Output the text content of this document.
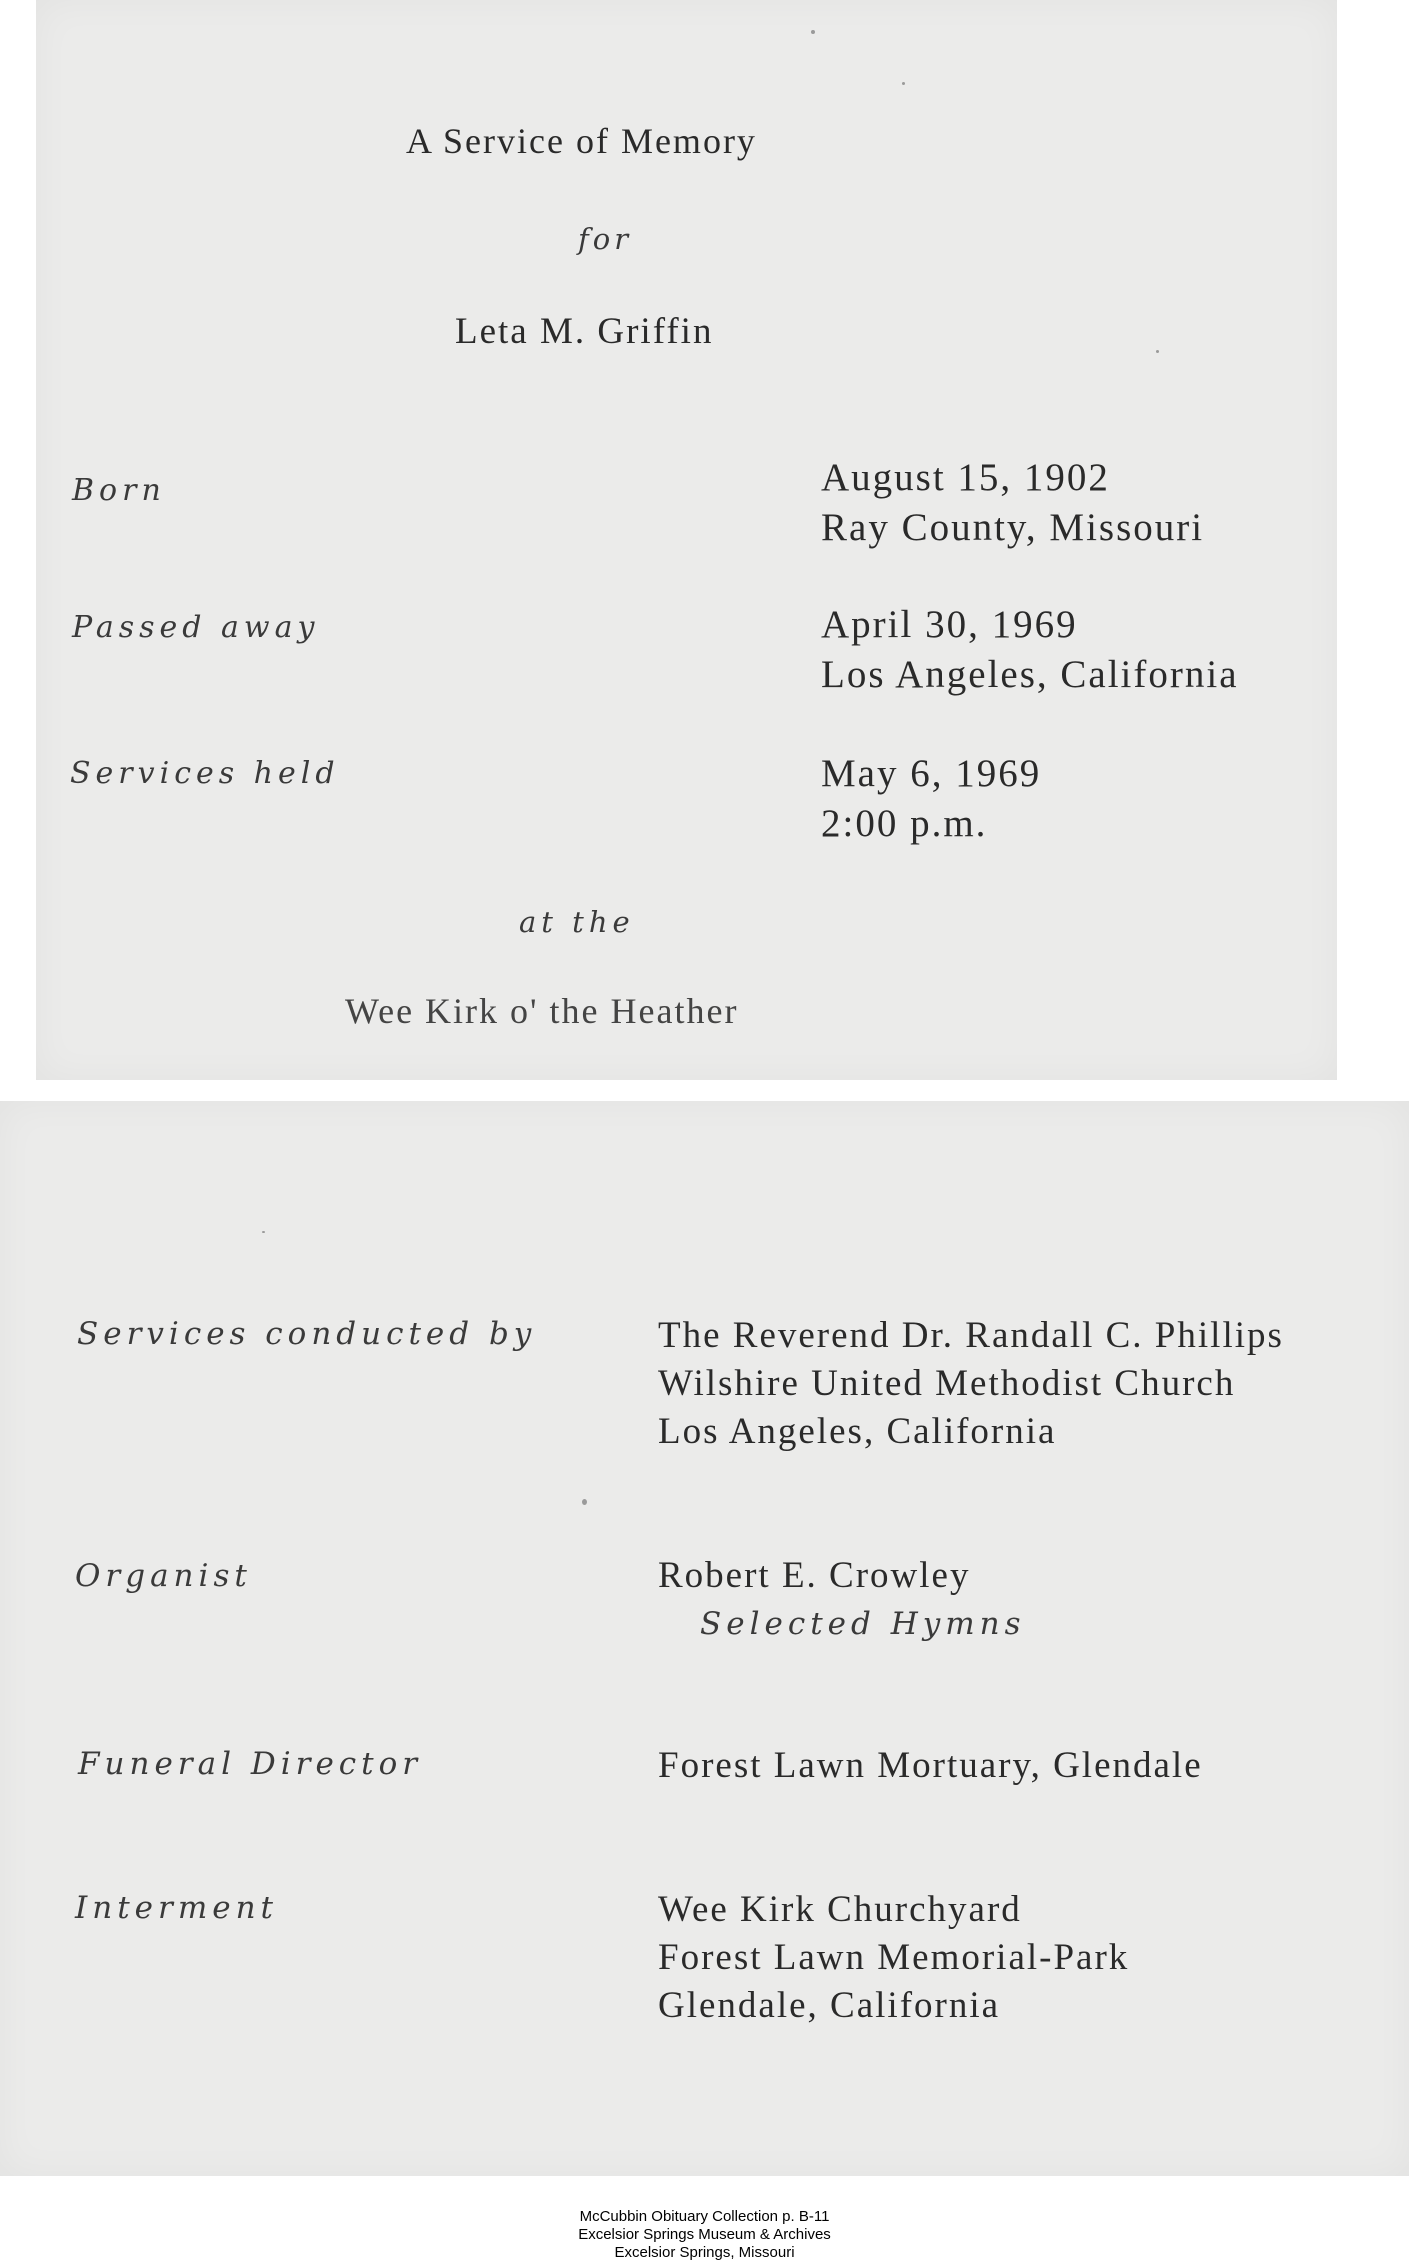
A Service of Memory
for
Leta M. Griffin
Born	August 15, 1902
Ray County, Missouri
Passed away	April 30, 1969
Los Angeles, California
Services held	May 6, 1969
2:00 p.m.
at the
Wee Kirk o' the Heather
Services conducted by	The Reverend Dr. Randall C. Phillips
Wilshire United Methodist Church
Los Angeles, California
Organist	Robert E. Crowley
Selected Hymns
Funeral Director	Forest Lawn Mortuary, Glendale
Interment	Wee Kirk Churchyard
Forest Lawn Memorial-Park
Glendale, California
McCubbin Obituary Collection p. B-11
Excelsior Springs Museum & Archives
Excelsior Springs, Missouri
